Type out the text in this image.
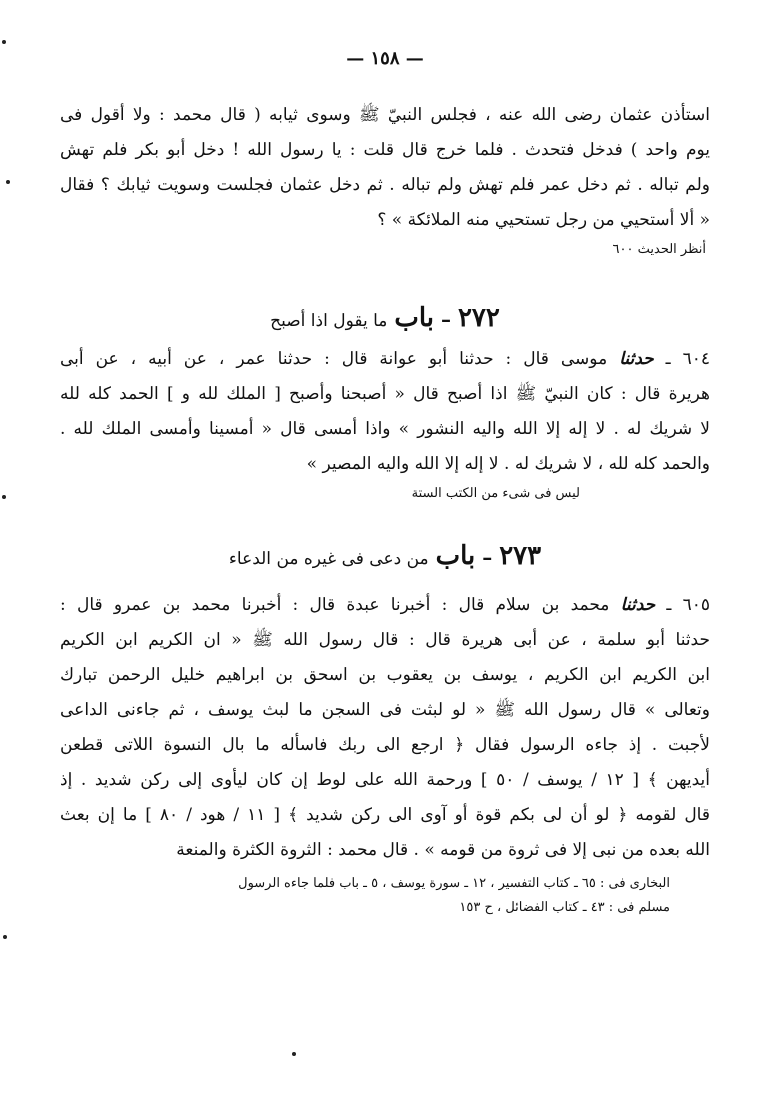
— ١٥٨ —
استأذن عثمان رضى الله عنه ، فجلس النبيّ ﷺ وسوى ثيابه ( قال محمد : ولا أقول فى
يوم واحد ) فدخل فتحدث . فلما خرج قال قلت : يا رسول الله ! دخل أبو بكر فلم تهش
ولم تباله . ثم دخل عمر فلم تهش ولم تباله . ثم دخل عثمان فجلست وسويت ثيابك ؟ فقال
« ألا أستحيي من رجل تستحيي منه الملائكة » ؟
أنظر الحديث ٦٠٠
٢٧٢ – باب ما يقول اذا أصبح
٦٠٤ ـ حدثنا موسى قال : حدثنا أبو عوانة قال : حدثنا عمر ، عن أبيه ، عن أبى
هريرة قال : كان النبيّ ﷺ اذا أصبح قال « أصبحنا وأصبح [ الملك لله و ] الحمد كله لله
لا شريك له . لا إله إلا الله واليه النشور » واذا أمسى قال « أمسينا وأمسى الملك لله .
والحمد كله لله ، لا شريك له . لا إله إلا الله واليه المصير »
ليس فى شىء من الكتب الستة
٢٧٣ – باب من دعى فى غيره من الدعاء
٦٠٥ ـ حدثنا محمد بن سلام قال : أخبرنا عبدة قال : أخبرنا محمد بن عمرو قال :
حدثنا أبو سلمة ، عن أبى هريرة قال : قال رسول الله ﷺ « ان الكريم ابن الكريم
ابن الكريم ابن الكريم ، يوسف بن يعقوب بن اسحق بن ابراهيم خليل الرحمن تبارك
وتعالى » قال رسول الله ﷺ « لو لبثت فى السجن ما لبث يوسف ، ثم جاءنى الداعى
لأجبت . إذ جاءه الرسول فقال ﴿ ارجع الى ربك فاسأله ما بال النسوة اللاتى قطعن
أيديهن ﴾ [ ١٢ / يوسف / ٥٠ ] ورحمة الله على لوط إن كان ليأوى إلى ركن شديد . إذ
قال لقومه ﴿ لو أن لى بكم قوة أو آوى الى ركن شديد ﴾ [ ١١ / هود / ٨٠ ] ما إن بعث
الله بعده من نبى إلا فى ثروة من قومه » . قال محمد : الثروة الكثرة والمنعة
البخارى فى : ٦٥ ـ كتاب التفسير ، ١٢ ـ سورة يوسف ، ٥ ـ باب فلما جاءه الرسول
مسلم فى : ٤٣ ـ كتاب الفضائل ، ح ١٥٣
